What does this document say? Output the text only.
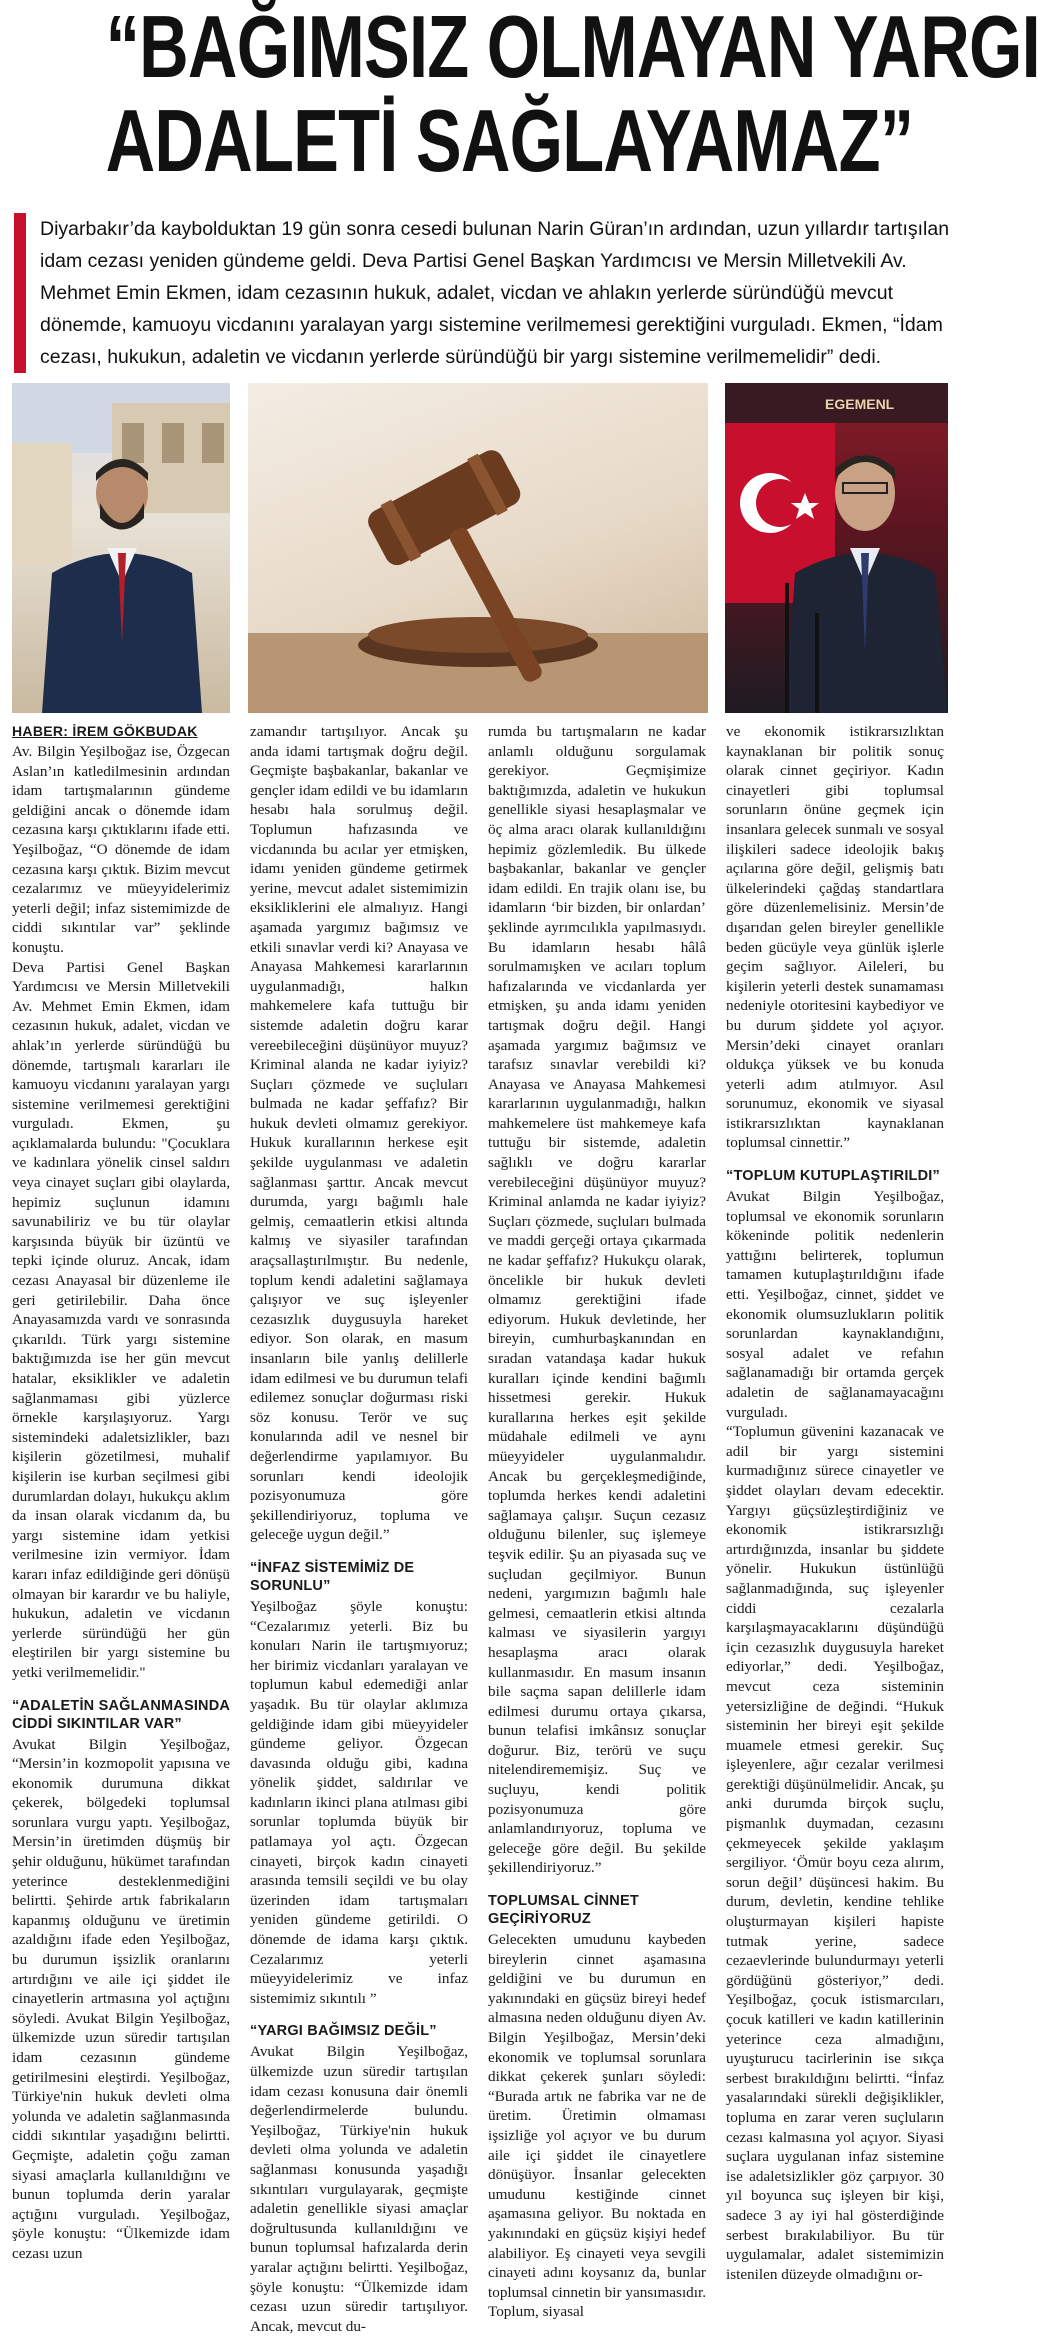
“BAĞIMSIZ OLMAYAN YARGI
ADALETİ SAĞLAYAMAZ”
Diyarbakır’da kaybolduktan 19 gün sonra cesedi bulunan Narin Güran’ın ardından, uzun yıllardır tartışılan idam cezası yeniden gündeme geldi. Deva Partisi Genel Başkan Yardımcısı ve Mersin Milletvekili Av. Mehmet Emin Ekmen, idam cezasının hukuk, adalet, vicdan ve ahlakın yerlerde süründüğü mevcut dönemde, kamuoyu vicdanını yaralayan yargı sistemine verilmemesi gerektiğini vurguladı. Ekmen, “İdam cezası, hukukun, adaletin ve vicdanın yerlerde süründüğü bir yargı sistemine verilmemelidir” dedi.
EGEMENL
HABER: İREM GÖKBUDAK

Av. Bilgin Yeşilboğaz ise, Özgecan Aslan’ın katledilmesinin ardından idam tartışmalarının gündeme geldiğini ancak o dönemde idam cezasına karşı çıktıklarını ifade etti. Yeşilboğaz, “O dönemde de idam cezasına karşı çıktık. Bizim mevcut cezalarımız ve müeyyidelerimiz yeterli değil; infaz sistemimizde de ciddi sıkıntılar var” şeklinde konuştu.

Deva Partisi Genel Başkan Yardımcısı ve Mersin Milletvekili Av. Mehmet Emin Ekmen, idam cezasının hukuk, adalet, vicdan ve ahlak’ın yerlerde süründüğü bu dönemde, tartışmalı kararları ile kamuoyu vicdanını yaralayan yargı sistemine verilmemesi gerektiğini vurguladı. Ekmen, şu açıklamalarda bulundu: "Çocuklara ve kadınlara yönelik cinsel saldırı veya cinayet suçları gibi olaylarda, hepimiz suçlunun idamını savunabiliriz ve bu tür olaylar karşısında büyük bir üzüntü ve tepki içinde oluruz. Ancak, idam cezası Anayasal bir düzenleme ile geri getirilebilir. Daha önce Anayasamızda vardı ve sonrasında çıkarıldı. Türk yargı sistemine baktığımızda ise her gün mevcut hatalar, eksiklikler ve adaletin sağlanmaması gibi yüzlerce örnekle karşılaşıyoruz. Yargı sistemindeki adaletsizlikler, bazı kişilerin gözetilmesi, muhalif kişilerin ise kurban seçilmesi gibi durumlardan dolayı, hukukçu aklım da insan olarak vicdanım da, bu yargı sistemine idam yetkisi verilmesine izin vermiyor. İdam kararı infaz edildiğinde geri dönüşü olmayan bir karardır ve bu haliyle, hukukun, adaletin ve vicdanın yerlerde süründüğü her gün eleştirilen bir yargı sistemine bu yetki verilmemelidir."

“ADALETİN SAĞLANMASINDA CİDDİ SIKINTILAR VAR”

Avukat Bilgin Yeşilboğaz, “Mersin’in kozmopolit yapısına ve ekonomik durumuna dikkat çekerek, bölgedeki toplumsal sorunlara vurgu yaptı. Yeşilboğaz, Mersin’in üretimden düşmüş bir şehir olduğunu, hükümet tarafından yeterince desteklenmediğini belirtti. Şehirde artık fabrikaların kapanmış olduğunu ve üretimin azaldığını ifade eden Yeşilboğaz, bu durumun işsizlik oranlarını artırdığını ve aile içi şiddet ile cinayetlerin artmasına yol açtığını söyledi. Avukat Bilgin Yeşilboğaz, ülkemizde uzun süredir tartışılan idam cezasının gündeme getirilmesini eleştirdi. Yeşilboğaz, Türkiye'nin hukuk devleti olma yolunda ve adaletin sağlanmasında ciddi sıkıntılar yaşadığını belirtti. Geçmişte, adaletin çoğu zaman siyasi amaçlarla kullanıldığını ve bunun toplumda derin yaralar açtığını vurguladı. Yeşilboğaz, şöyle konuştu: “Ülkemizde idam cezası uzun

zamandır tartışılıyor. Ancak şu anda idami tartışmak doğru değil. Geçmişte başbakanlar, bakanlar ve gençler idam edildi ve bu idamların hesabı hala sorulmuş değil. Toplumun hafızasında ve vicdanında bu acılar yer etmişken, idamı yeniden gündeme getirmek yerine, mevcut adalet sistemimizin eksikliklerini ele almalıyız. Hangi aşamada yargımız bağımsız ve etkili sınavlar verdi ki? Anayasa ve Anayasa Mahkemesi kararlarının uygulanmadığı, halkın mahkemelere kafa tuttuğu bir sistemde adaletin doğru karar vereebileceğini düşünüyor muyuz? Kriminal alanda ne kadar iyiyiz? Suçları çözmede ve suçluları bulmada ne kadar şeffafız? Bir hukuk devleti olmamız gerekiyor. Hukuk kurallarının herkese eşit şekilde uygulanması ve adaletin sağlanması şarttır. Ancak mevcut durumda, yargı bağımlı hale gelmiş, cemaatlerin etkisi altında kalmış ve siyasiler tarafından araçsallaştırılmıştır. Bu nedenle, toplum kendi adaletini sağlamaya çalışıyor ve suç işleyenler cezasızlık duygusuyla hareket ediyor. Son olarak, en masum insanların bile yanlış delillerle idam edilmesi ve bu durumun telafi edilemez sonuçlar doğurması riski söz konusu. Terör ve suç konularında adil ve nesnel bir değerlendirme yapılamıyor. Bu sorunları kendi ideolojik pozisyonumuza göre şekillendiriyoruz, topluma ve geleceğe uygun değil.”

“İNFAZ SİSTEMİMİZ DE SORUNLU”

Yeşilboğaz şöyle konuştu: “Cezalarımız yeterli. Biz bu konuları Narin ile tartışmıyoruz; her birimiz vicdanları yaralayan ve toplumun kabul edemediği anlar yaşadık. Bu tür olaylar aklımıza geldiğinde idam gibi müeyyideler gündeme geliyor. Özgecan davasında olduğu gibi, kadına yönelik şiddet, saldırılar ve kadınların ikinci plana atılması gibi sorunlar toplumda büyük bir patlamaya yol açtı. Özgecan cinayeti, birçok kadın cinayeti arasında temsili seçildi ve bu olay üzerinden idam tartışmaları yeniden gündeme getirildi. O dönemde de idama karşı çıktık. Cezalarımız yeterli müeyyidelerimiz ve infaz sistemimiz sıkıntılı ”

“YARGI BAĞIMSIZ DEĞİL”

Avukat Bilgin Yeşilboğaz, ülkemizde uzun süredir tartışılan idam cezası konusuna dair önemli değerlendirmelerde bulundu. Yeşilboğaz, Türkiye'nin hukuk devleti olma yolunda ve adaletin sağlanması konusunda yaşadığı sıkıntıları vurgulayarak, geçmişte adaletin genellikle siyasi amaçlar doğrultusunda kullanıldığını ve bunun toplumsal hafızalarda derin yaralar açtığını belirtti. Yeşilboğaz, şöyle konuştu: “Ülkemizde idam cezası uzun süredir tartışılıyor. Ancak, mevcut du-

rumda bu tartışmaların ne kadar anlamlı olduğunu sorgulamak gerekiyor. Geçmişimize baktığımızda, adaletin ve hukukun genellikle siyasi hesaplaşmalar ve öç alma aracı olarak kullanıldığını hepimiz gözlemledik. Bu ülkede başbakanlar, bakanlar ve gençler idam edildi. En trajik olanı ise, bu idamların ‘bir bizden, bir onlardan’ şeklinde ayrımcılıkla yapılmasıydı. Bu idamların hesabı hâlâ sorulmamışken ve acıları toplum hafızalarında ve vicdanlarda yer etmişken, şu anda idamı yeniden tartışmak doğru değil. Hangi aşamada yargımız bağımsız ve tarafsız sınavlar verebildi ki? Anayasa ve Anayasa Mahkemesi kararlarının uygulanmadığı, halkın mahkemelere üst mahkemeye kafa tuttuğu bir sistemde, adaletin sağlıklı ve doğru kararlar verebileceğini düşünüyor muyuz? Kriminal anlamda ne kadar iyiyiz? Suçları çözmede, suçluları bulmada ve maddi gerçeği ortaya çıkarmada ne kadar şeffafız? Hukukçu olarak, öncelikle bir hukuk devleti olmamız gerektiğini ifade ediyorum. Hukuk devletinde, her bireyin, cumhurbaşkanından en sıradan vatandaşa kadar hukuk kuralları içinde kendini bağımlı hissetmesi gerekir. Hukuk kurallarına herkes eşit şekilde müdahale edilmeli ve aynı müeyyideler uygulanmalıdır. Ancak bu gerçekleşmediğinde, toplumda herkes kendi adaletini sağlamaya çalışır. Suçun cezasız olduğunu bilenler, suç işlemeye teşvik edilir. Şu an piyasada suç ve suçludan geçilmiyor. Bunun nedeni, yargımızın bağımlı hale gelmesi, cemaatlerin etkisi altında kalması ve siyasilerin yargıyı hesaplaşma aracı olarak kullanmasıdır. En masum insanın bile saçma sapan delillerle idam edilmesi durumu ortaya çıkarsa, bunun telafisi imkânsız sonuçlar doğurur. Biz, terörü ve suçu nitelendirememişiz. Suç ve suçluyu, kendi politik pozisyonumuza göre anlamlandırıyoruz, topluma ve geleceğe göre değil. Bu şekilde şekillendiriyoruz.”

TOPLUMSAL CİNNET GEÇİRİYORUZ

Gelecekten umudunu kaybeden bireylerin cinnet aşamasına geldiğini ve bu durumun en yakınındaki en güçsüz bireyi hedef almasına neden olduğunu diyen Av. Bilgin Yeşilboğaz, Mersin’deki ekonomik ve toplumsal sorunlara dikkat çekerek şunları söyledi: “Burada artık ne fabrika var ne de üretim. Üretimin olmaması işsizliğe yol açıyor ve bu durum aile içi şiddet ile cinayetlere dönüşüyor. İnsanlar gelecekten umudunu kestiğinde cinnet aşamasına geliyor. Bu noktada en yakınındaki en güçsüz kişiyi hedef alabiliyor. Eş cinayeti veya sevgili cinayeti adını koysanız da, bunlar toplumsal cinnetin bir yansımasıdır. Toplum, siyasal

ve ekonomik istikrarsızlıktan kaynaklanan bir politik sonuç olarak cinnet geçiriyor. Kadın cinayetleri gibi toplumsal sorunların önüne geçmek için insanlara gelecek sunmalı ve sosyal ilişkileri sadece ideolojik bakış açılarına göre değil, gelişmiş batı ülkelerindeki çağdaş standartlara göre düzenlemelisiniz. Mersin’de dışarıdan gelen bireyler genellikle beden gücüyle veya günlük işlerle geçim sağlıyor. Aileleri, bu kişilerin yeterli destek sunamaması nedeniyle otoritesini kaybediyor ve bu durum şiddete yol açıyor. Mersin’deki cinayet oranları oldukça yüksek ve bu konuda yeterli adım atılmıyor. Asıl sorunumuz, ekonomik ve siyasal istikrarsızlıktan kaynaklanan toplumsal cinnettir.”

“TOPLUM KUTUPLAŞTIRILDI”

Avukat Bilgin Yeşilboğaz, toplumsal ve ekonomik sorunların kökeninde politik nedenlerin yattığını belirterek, toplumun tamamen kutuplaştırıldığını ifade etti. Yeşilboğaz, cinnet, şiddet ve ekonomik olumsuzlukların politik sorunlardan kaynaklandığını, sosyal adalet ve refahın sağlanamadığı bir ortamda gerçek adaletin de sağlanamayacağını vurguladı.

“Toplumun güvenini kazanacak ve adil bir yargı sistemini kurmadığınız sürece cinayetler ve şiddet olayları devam edecektir. Yargıyı güçsüzleştirdiğiniz ve ekonomik istikrarsızlığı artırdığınızda, insanlar bu şiddete yönelir. Hukukun üstünlüğü sağlanmadığında, suç işleyenler ciddi cezalarla karşılaşmayacaklarını düşündüğü için cezasızlık duygusuyla hareket ediyorlar,” dedi. Yeşilboğaz, mevcut ceza sisteminin yetersizliğine de değindi. “Hukuk sisteminin her bireyi eşit şekilde muamele etmesi gerekir. Suç işleyenlere, ağır cezalar verilmesi gerektiği düşünülmelidir. Ancak, şu anki durumda birçok suçlu, pişmanlık duymadan, cezasını çekmeyecek şekilde yaklaşım sergiliyor. ‘Ömür boyu ceza alırım, sorun değil’ düşüncesi hakim. Bu durum, devletin, kendine tehlike oluşturmayan kişileri hapiste tutmak yerine, sadece cezaevlerinde bulundurmayı yeterli gördüğünü gösteriyor,” dedi. Yeşilboğaz, çocuk istismarcıları, çocuk katilleri ve kadın katillerinin yeterince ceza almadığını, uyuşturucu tacirlerinin ise sıkça serbest bırakıldığını belirtti. “İnfaz yasalarındaki sürekli değişiklikler, topluma en zarar veren suçluların cezası kalmasına yol açıyor. Siyasi suçlara uygulanan infaz sistemine ise adaletsizlikler göz çarpıyor. 30 yıl boyunca suç işleyen bir kişi, sadece 3 ay iyi hal gösterdiğinde serbest bırakılabiliyor. Bu tür uygulamalar, adalet sistemimizin istenilen düzeyde olmadığını or-
